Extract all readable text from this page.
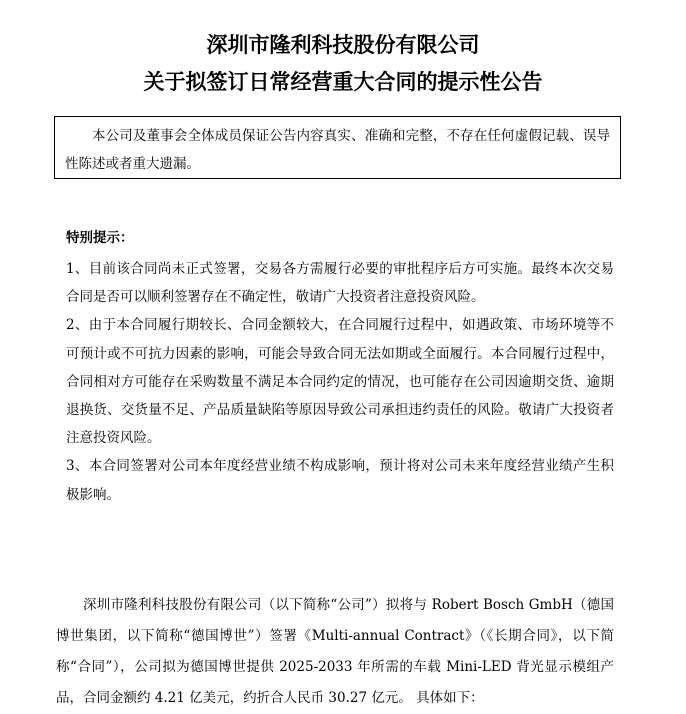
深圳市隆利科技股份有限公司
关于拟签订日常经营重大合同的提示性公告
本公司及董事会全体成员保证公告内容真实、准确和完整，不存在任何虚假记载、误导性陈述或者重大遗漏。
特别提示：

1、目前该合同尚未正式签署，交易各方需履行必要的审批程序后方可实施。最终本次交易合同是否可以顺利签署存在不确定性，敬请广大投资者注意投资风险。

2、由于本合同履行期较长、合同金额较大，在合同履行过程中，如遇政策、市场环境等不可预计或不可抗力因素的影响，可能会导致合同无法如期或全面履行。本合同履行过程中，合同相对方可能存在采购数量不满足本合同约定的情况，也可能存在公司因逾期交货、逾期退换货、交货量不足、产品质量缺陷等原因导致公司承担违约责任的风险。敬请广大投资者注意投资风险。

3、本合同签署对公司本年度经营业绩不构成影响，预计将对公司未来年度经营业绩产生积极影响。

深圳市隆利科技股份有限公司（以下简称“公司”）拟将与 Robert Bosch GmbH（德国博世集团，以下简称“德国博世”）签署《Multi-annual Contract》（《长期合同》，以下简称“合同”），公司拟为德国博世提供 2025-2033 年所需的车载 Mini-LED 背光显示模组产品，合同金额约 4.21 亿美元，约折合人民币 30.27 亿元。 具体如下：
